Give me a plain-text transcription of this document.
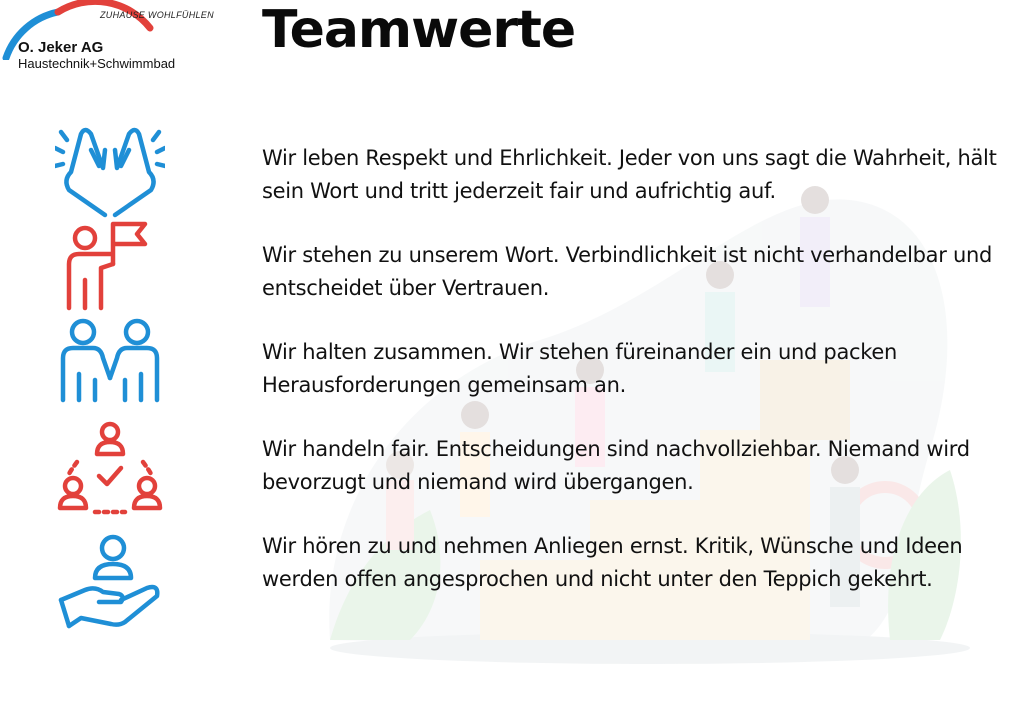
ZUHAUSE WOHLFÜHLEN
O. Jeker AG
Haustechnik+Schwimmbad
Teamwerte

Wir leben Respekt und Ehrlichkeit. Jeder von uns sagt die Wahrheit, hält sein Wort und tritt jederzeit fair und aufrichtig auf.

Wir stehen zu unserem Wort. Verbindlichkeit ist nicht verhandelbar und entscheidet über Vertrauen.

Wir halten zusammen. Wir stehen füreinander ein und packen Herausforderungen gemeinsam an.

Wir handeln fair. Entscheidungen sind nachvollziehbar. Niemand wird bevorzugt und niemand wird übergangen.

Wir hören zu und nehmen Anliegen ernst. Kritik, Wünsche und Ideen werden offen angesprochen und nicht unter den Teppich gekehrt.
